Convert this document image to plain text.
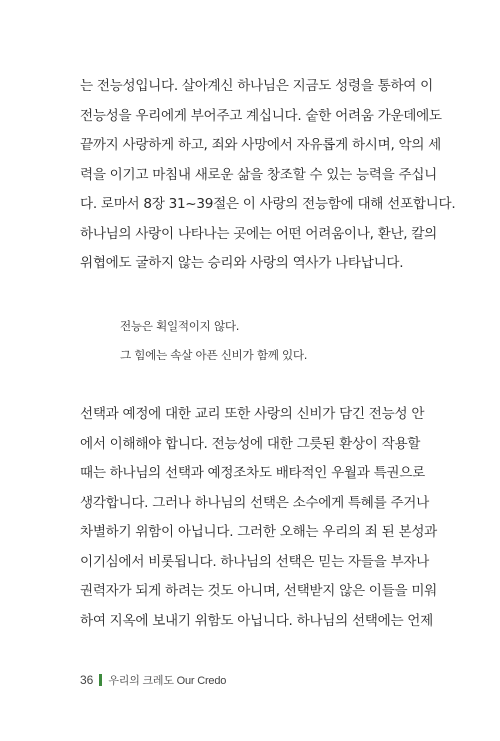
는 전능성입니다. 살아계신 하나님은 지금도 성령을 통하여 이
전능성을 우리에게 부어주고 계십니다. 숱한 어려움 가운데에도
끝까지 사랑하게 하고, 죄와 사망에서 자유롭게 하시며, 악의 세
력을 이기고 마침내 새로운 삶을 창조할 수 있는 능력을 주십니
다. 로마서 8장 31~39절은 이 사랑의 전능함에 대해 선포합니다.
하나님의 사랑이 나타나는 곳에는 어떤 어려움이나, 환난, 칼의
위협에도 굴하지 않는 승리와 사랑의 역사가 나타납니다.
전능은 획일적이지 않다.
그 힘에는 속살 아픈 신비가 함께 있다.
선택과 예정에 대한 교리 또한 사랑의 신비가 담긴 전능성 안
에서 이해해야 합니다. 전능성에 대한 그릇된 환상이 작용할
때는 하나님의 선택과 예정조차도 배타적인 우월과 특권으로
생각합니다. 그러나 하나님의 선택은 소수에게 특혜를 주거나
차별하기 위함이 아닙니다. 그러한 오해는 우리의 죄 된 본성과
이기심에서 비롯됩니다. 하나님의 선택은 믿는 자들을 부자나
권력자가 되게 하려는 것도 아니며, 선택받지 않은 이들을 미워
하여 지옥에 보내기 위함도 아닙니다. 하나님의 선택에는 언제
36 우리의 크레도 Our Credo
